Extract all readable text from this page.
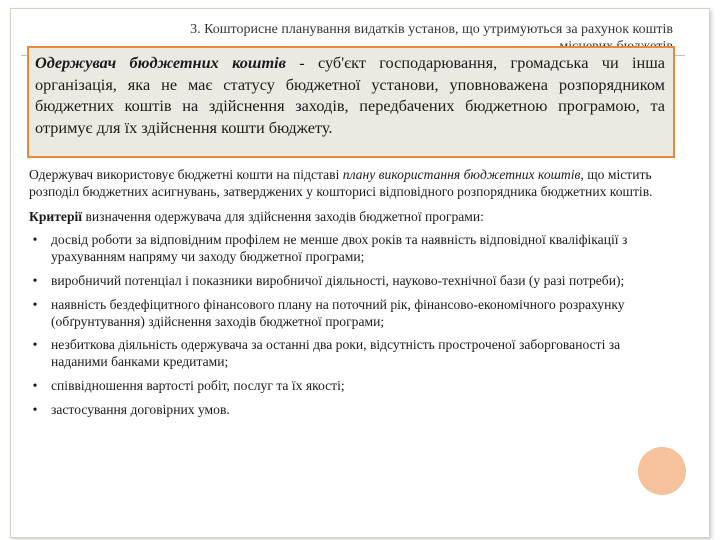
3. Кошторисне планування видатків установ, що утримуються за рахунок коштів
Одержувач бюджетних коштів - суб'єкт господарювання, громадська чи інша організація, яка не має статусу бюджетної установи, уповноважена розпорядником бюджетних коштів на здійснення заходів, передбачених бюджетною програмою, та отримує для їх здійснення кошти бюджету.

Одержувач використовує бюджетні кошти на підставі плану використання бюджетних коштів, що містить розподіл бюджетних асигнувань, затверджених у кошторисі відповідного розпорядника бюджетних коштів.

Критерії визначення одержувача для здійснення заходів бюджетної програми:

• досвід роботи за відповідним профілем не менше двох років та наявність відповідної кваліфікації з урахуванням напряму чи заходу бюджетної програми;
• виробничий потенціал і показники виробничої діяльності, науково-технічної бази (у разі потреби);
• наявність бездефіцитного фінансового плану на поточний рік, фінансово-економічного розрахунку (обґрунтування) здійснення заходів бюджетної програми;
• незбиткова діяльність одержувача за останні два роки, відсутність простроченої заборгованості за наданими банками кредитами;
• співвідношення вартості робіт, послуг та їх якості;
• застосування договірних умов.
